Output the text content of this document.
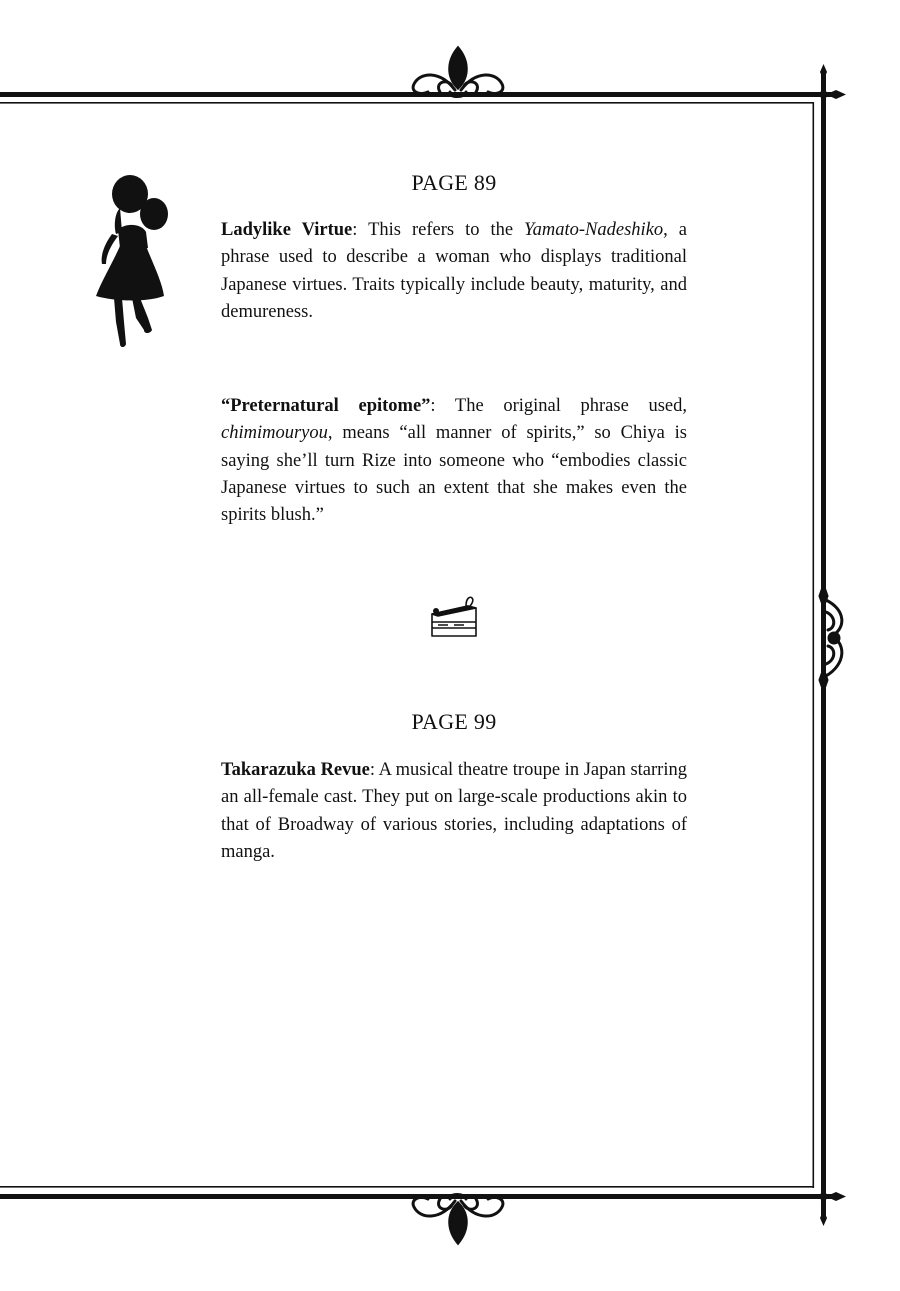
PAGE 89

Ladylike Virtue: This refers to the Yamato-Nadeshiko, a phrase used to describe a woman who displays traditional Japanese virtues. Traits typically include beauty, maturity, and demureness.

“Preternatural epitome”: The original phrase used, chimimouryou, means “all manner of spirits,” so Chiya is saying she’ll turn Rize into someone who “embodies classic Japanese virtues to such an extent that she makes even the spirits blush.”

PAGE 99

Takarazuka Revue: A musical theatre troupe in Japan starring an all-female cast. They put on large-scale productions akin to that of Broadway of various stories, including adaptations of manga.
